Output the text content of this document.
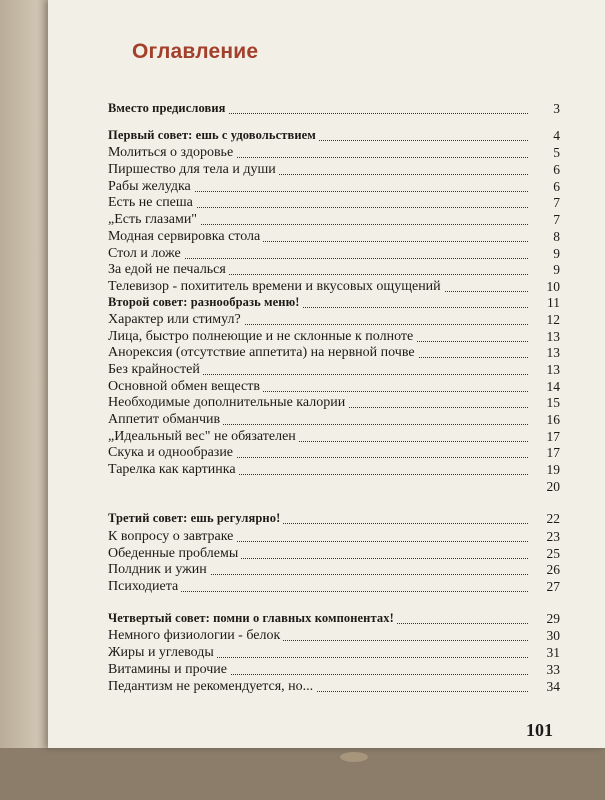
Оглавление
Вместо предисловия	3
Первый совет: ешь с удовольствием	4
Молиться о здоровье	5
Пиршество для тела и души	6
Рабы желудка	6
Есть не спеша	7
„Есть глазами"	7
Модная сервировка стола	8
Стол и ложе	9
За едой не печалься	9
Телевизор - похититель времени и вкусовых ощущений	10
Второй совет: разнообразь меню!	11
Характер или стимул?	12
Лица, быстро полнеющие и не склонные к полноте	13
Анорексия (отсутствие аппетита) на нервной почве	13
Без крайностей	13
Основной обмен веществ	14
Необходимые дополнительные калории	15
Аппетит обманчив	16
„Идеальный вес" не обязателен	17
Скука и однообразие	17
Тарелка как картинка	19
20
Третий совет: ешь регулярно!	22
К вопросу о завтраке	23
Обеденные проблемы	25
Полдник и ужин	26
Психодиета	27
Четвертый совет: помни о главных компонентах!	29
Немного физиологии - белок	30
Жиры и углеводы	31
Витамины и прочие	33
Педантизм не рекомендуется, но...	34
101
